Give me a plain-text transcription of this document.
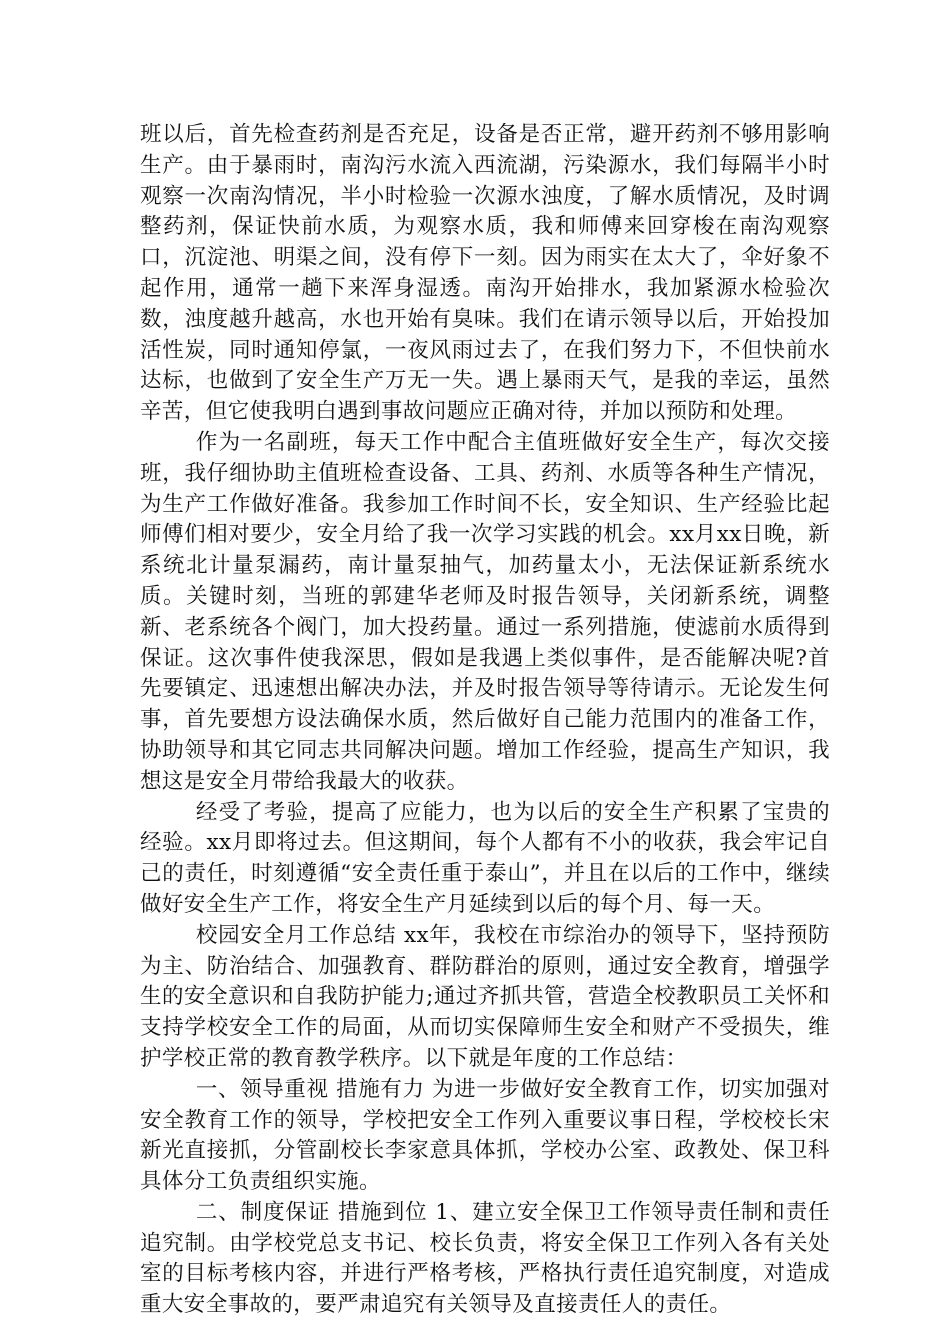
班以后，首先检查药剂是否充足，设备是否正常，避开药剂不够用影响生产。由于暴雨时，南沟污水流入西流湖，污染源水，我们每隔半小时观察一次南沟情况，半小时检验一次源水浊度，了解水质情况，及时调整药剂，保证快前水质，为观察水质，我和师傅来回穿梭在南沟观察口，沉淀池、明渠之间，没有停下一刻。因为雨实在太大了，伞好象不起作用，通常一趟下来浑身湿透。南沟开始排水，我加紧源水检验次数，浊度越升越高，水也开始有臭味。我们在请示领导以后，开始投加活性炭，同时通知停氯，一夜风雨过去了，在我们努力下，不但快前水达标，也做到了安全生产万无一失。遇上暴雨天气，是我的幸运，虽然辛苦，但它使我明白遇到事故问题应正确对待，并加以预防和处理。

作为一名副班，每天工作中配合主值班做好安全生产，每次交接班，我仔细协助主值班检查设备、工具、药剂、水质等各种生产情况，为生产工作做好准备。我参加工作时间不长，安全知识、生产经验比起师傅们相对要少，安全月给了我一次学习实践的机会。xx月xx日晚，新系统北计量泵漏药，南计量泵抽气，加药量太小，无法保证新系统水质。关键时刻，当班的郭建华老师及时报告领导，关闭新系统，调整新、老系统各个阀门，加大投药量。通过一系列措施，使滤前水质得到保证。这次事件使我深思，假如是我遇上类似事件，是否能解决呢?首先要镇定、迅速想出解决办法，并及时报告领导等待请示。无论发生何事，首先要想方设法确保水质，然后做好自己能力范围内的准备工作，协助领导和其它同志共同解决问题。增加工作经验，提高生产知识，我想这是安全月带给我最大的收获。

经受了考验，提高了应能力，也为以后的安全生产积累了宝贵的经验。xx月即将过去。但这期间，每个人都有不小的收获，我会牢记自己的责任，时刻遵循“安全责任重于泰山”，并且在以后的工作中，继续做好安全生产工作，将安全生产月延续到以后的每个月、每一天。

校园安全月工作总结 xx年，我校在市综治办的领导下，坚持预防为主、防治结合、加强教育、群防群治的原则，通过安全教育，增强学生的安全意识和自我防护能力;通过齐抓共管，营造全校教职员工关怀和支持学校安全工作的局面，从而切实保障师生安全和财产不受损失，维护学校正常的教育教学秩序。以下就是年度的工作总结：

一、领导重视 措施有力 为进一步做好安全教育工作，切实加强对安全教育工作的领导，学校把安全工作列入重要议事日程，学校校长宋新光直接抓，分管副校长李家意具体抓，学校办公室、政教处、保卫科具体分工负责组织实施。

二、制度保证 措施到位 1、建立安全保卫工作领导责任制和责任追究制。由学校党总支书记、校长负责，将安全保卫工作列入各有关处室的目标考核内容，并进行严格考核，严格执行责任追究制度，对造成重大安全事故的，要严肃追究有关领导及直接责任人的责任。
